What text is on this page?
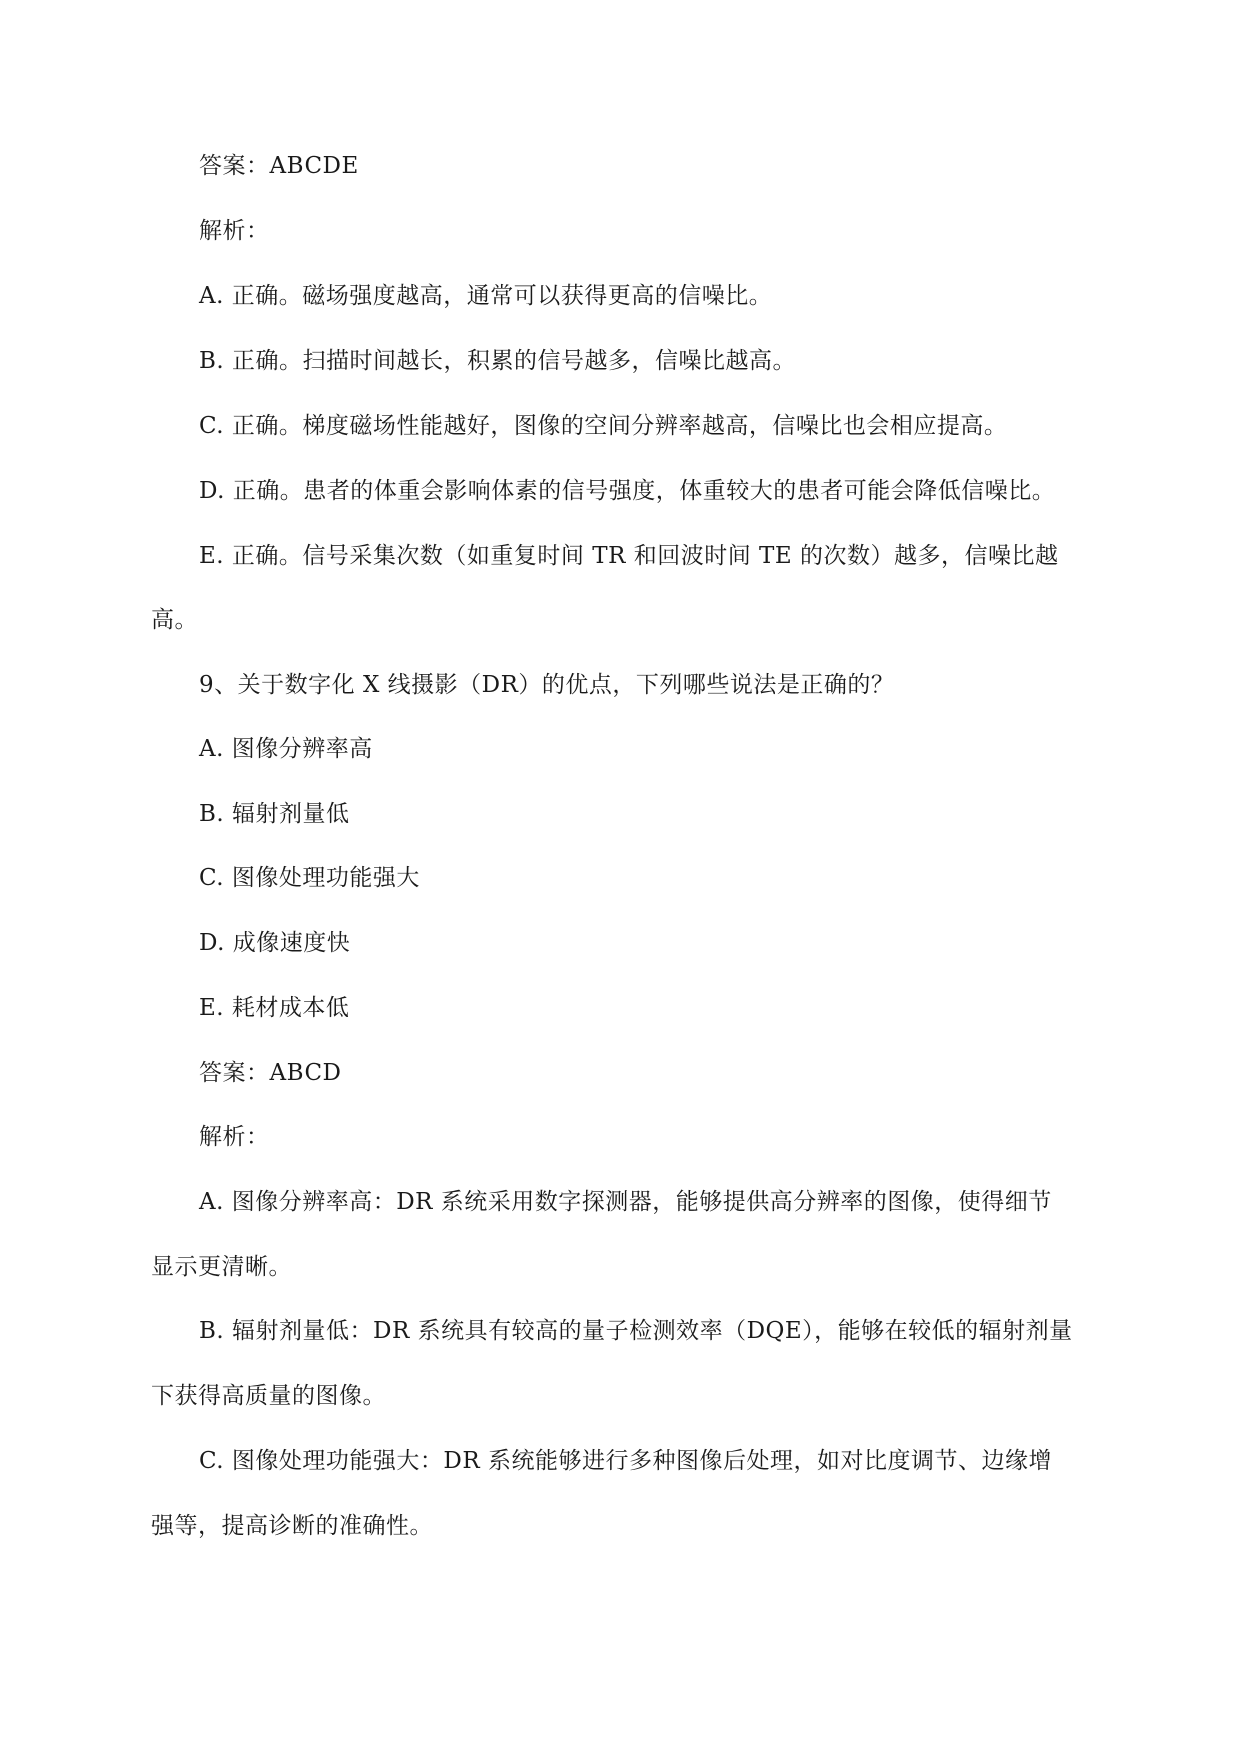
答案：ABCDE
解析：
A. 正确。磁场强度越高，通常可以获得更高的信噪比。
B. 正确。扫描时间越长，积累的信号越多，信噪比越高。
C. 正确。梯度磁场性能越好，图像的空间分辨率越高，信噪比也会相应提高。
D. 正确。患者的体重会影响体素的信号强度，体重较大的患者可能会降低信噪比。
E. 正确。信号采集次数（如重复时间 TR 和回波时间 TE 的次数）越多，信噪比越
高。
9、关于数字化 X 线摄影（DR）的优点，下列哪些说法是正确的？
A. 图像分辨率高
B. 辐射剂量低
C. 图像处理功能强大
D. 成像速度快
E. 耗材成本低
答案：ABCD
解析：
A. 图像分辨率高：DR 系统采用数字探测器，能够提供高分辨率的图像，使得细节
显示更清晰。
B. 辐射剂量低：DR 系统具有较高的量子检测效率（DQE），能够在较低的辐射剂量
下获得高质量的图像。
C. 图像处理功能强大：DR 系统能够进行多种图像后处理，如对比度调节、边缘增
强等，提高诊断的准确性。
